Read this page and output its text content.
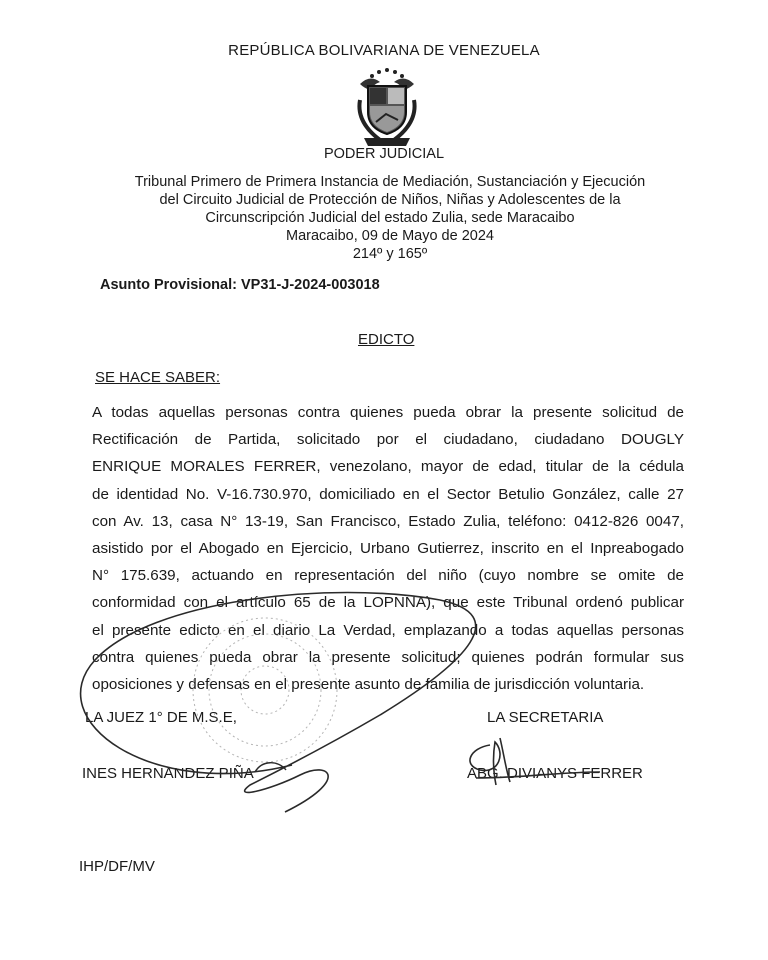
REPÚBLICA BOLIVARIANA DE VENEZUELA
PODER JUDICIAL
Tribunal Primero de Primera Instancia de Mediación, Sustanciación y Ejecución
del Circuito Judicial de Protección de Niños, Niñas y Adolescentes de la
Circunscripción Judicial del estado Zulia, sede Maracaibo
Maracaibo, 09 de Mayo de 2024
214º y 165º
Asunto Provisional: VP31-J-2024-003018
EDICTO
SE HACE SABER:
A todas aquellas personas contra quienes pueda obrar la presente solicitud de
Rectificación de Partida, solicitado por el ciudadano, ciudadano DOUGLY
ENRIQUE MORALES FERRER, venezolano, mayor de edad, titular de la cédula
de identidad No. V-16.730.970, domiciliado en el Sector Betulio González, calle 27
con Av. 13, casa N° 13-19, San Francisco, Estado Zulia, teléfono: 0412-826 0047,
asistido por el Abogado en Ejercicio, Urbano Gutierrez, inscrito en el Inpreabogado
N° 175.639, actuando en representación del niño (cuyo nombre se omite de
conformidad con el artículo 65 de la LOPNNA), que este Tribunal ordenó publicar
el presente edicto en el diario La Verdad, emplazando a todas aquellas personas
contra quienes pueda obrar la presente solicitud; quienes podrán formular sus
oposiciones y defensas en el presente asunto de familia de jurisdicción voluntaria.
LA JUEZ 1° DE M.S.E,	LA SECRETARIA
INES HERNANDEZ PIÑA	ABG. DIVIANYS FERRER
IHP/DF/MV
